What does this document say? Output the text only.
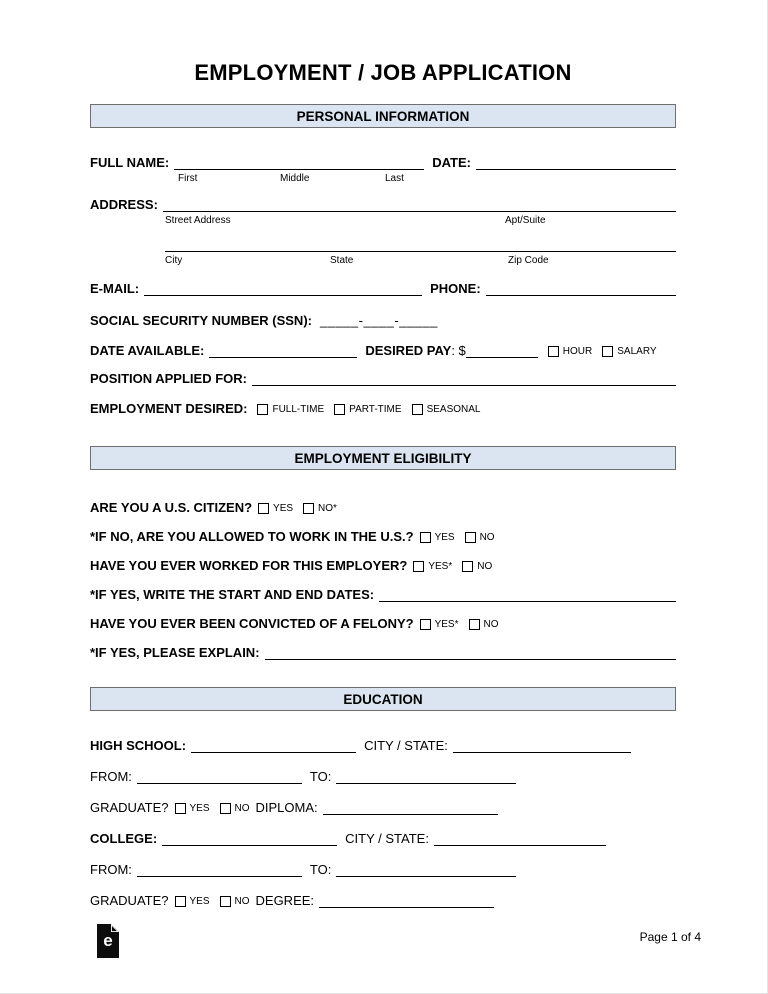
EMPLOYMENT / JOB APPLICATION
PERSONAL INFORMATION
FULL NAME:	DATE:
First	Middle	Last
ADDRESS:
Street Address	Apt/Suite
City	State	Zip Code
E-MAIL:	PHONE:
SOCIAL SECURITY NUMBER (SSN): _____-____-_____
DATE AVAILABLE:	DESIRED PAY : $	HOUR	SALARY
POSITION APPLIED FOR:
EMPLOYMENT DESIRED:	FULL-TIME	PART-TIME	SEASONAL
EMPLOYMENT ELIGIBILITY
ARE YOU A U.S. CITIZEN? YES	NO*
*IF NO, ARE YOU ALLOWED TO WORK IN THE U.S.? YES	NO
HAVE YOU EVER WORKED FOR THIS EMPLOYER? YES*	NO
*IF YES, WRITE THE START AND END DATES:
HAVE YOU EVER BEEN CONVICTED OF A FELONY? YES*	NO
*IF YES, PLEASE EXPLAIN:
EDUCATION
HIGH SCHOOL:	CITY / STATE:
FROM:	TO:
GRADUATE? YES	NO DIPLOMA:
COLLEGE:	CITY / STATE:
FROM:	TO:
GRADUATE? YES	NO DEGREE:
e	Page 1 of 4
